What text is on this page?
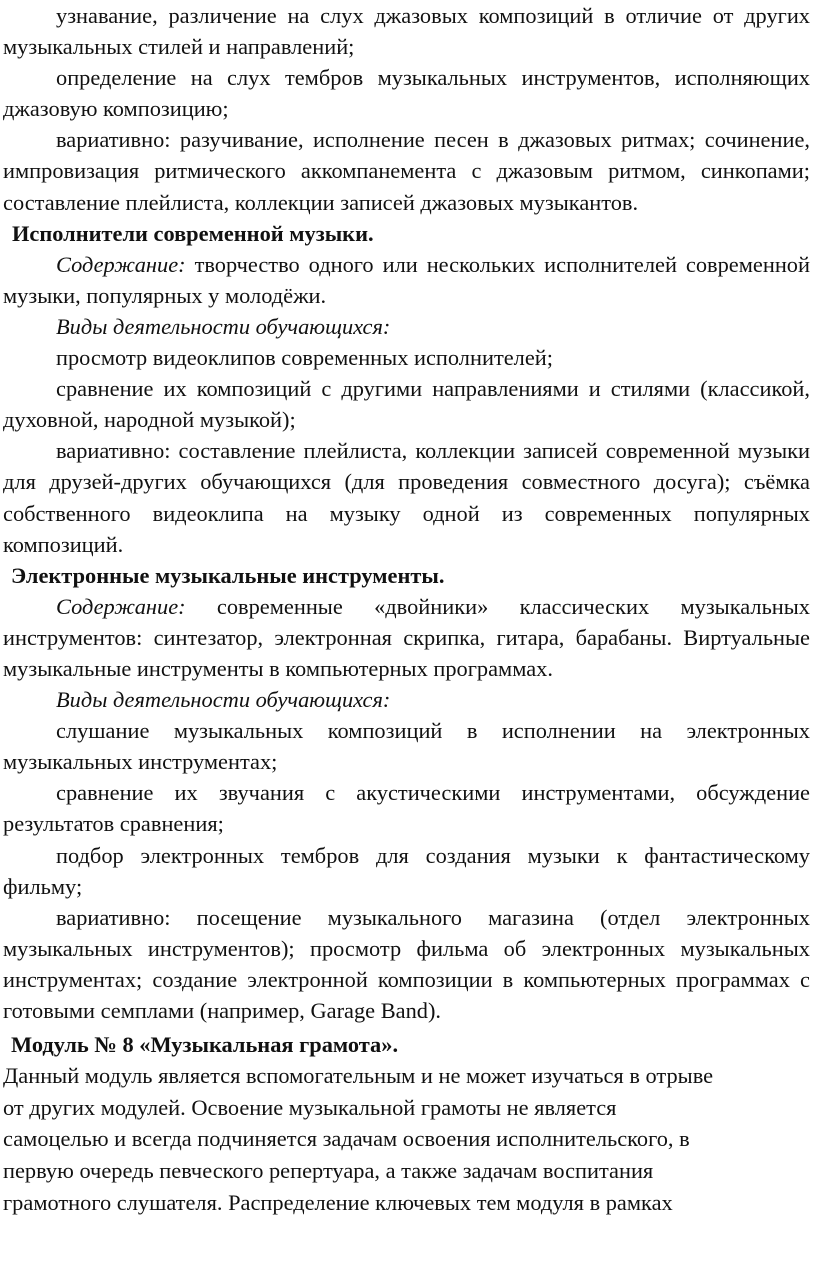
узнавание, различение на слух джазовых композиций в отличие от других музыкальных стилей и направлений;

определение на слух тембров музыкальных инструментов, исполняющих джазовую композицию;

вариативно: разучивание, исполнение песен в джазовых ритмах; сочинение, импровизация ритмического аккомпанемента с джазовым ритмом, синкопами; составление плейлиста, коллекции записей джазовых музыкантов.

Исполнители современной музыки.

Содержание: творчество одного или нескольких исполнителей современной музыки, популярных у молодёжи.

Виды деятельности обучающихся:

просмотр видеоклипов современных исполнителей;

сравнение их композиций с другими направлениями и стилями (классикой, духовной, народной музыкой);

вариативно: составление плейлиста, коллекции записей современной музыки для друзей-других обучающихся (для проведения совместного досуга); съёмка собственного видеоклипа на музыку одной из современных популярных композиций.

Электронные музыкальные инструменты.

Содержание: современные «двойники» классических музыкальных инструментов: синтезатор, электронная скрипка, гитара, барабаны. Виртуальные музыкальные инструменты в компьютерных программах.

Виды деятельности обучающихся:

слушание музыкальных композиций в исполнении на электронных музыкальных инструментах;

сравнение их звучания с акустическими инструментами, обсуждение результатов сравнения;

подбор электронных тембров для создания музыки к фантастическому фильму;

вариативно: посещение музыкального магазина (отдел электронных музыкальных инструментов); просмотр фильма об электронных музыкальных инструментах; создание электронной композиции в компьютерных программах с готовыми семплами (например, Garage Band).

Модуль № 8 «Музыкальная грамота».

Данный модуль является вспомогательным и не может изучаться в отрыве

от других модулей. Освоение музыкальной грамоты не является

самоцелью и всегда подчиняется задачам освоения исполнительского, в

первую очередь певческого репертуара, а также задачам воспитания

грамотного слушателя. Распределение ключевых тем модуля в рамках
